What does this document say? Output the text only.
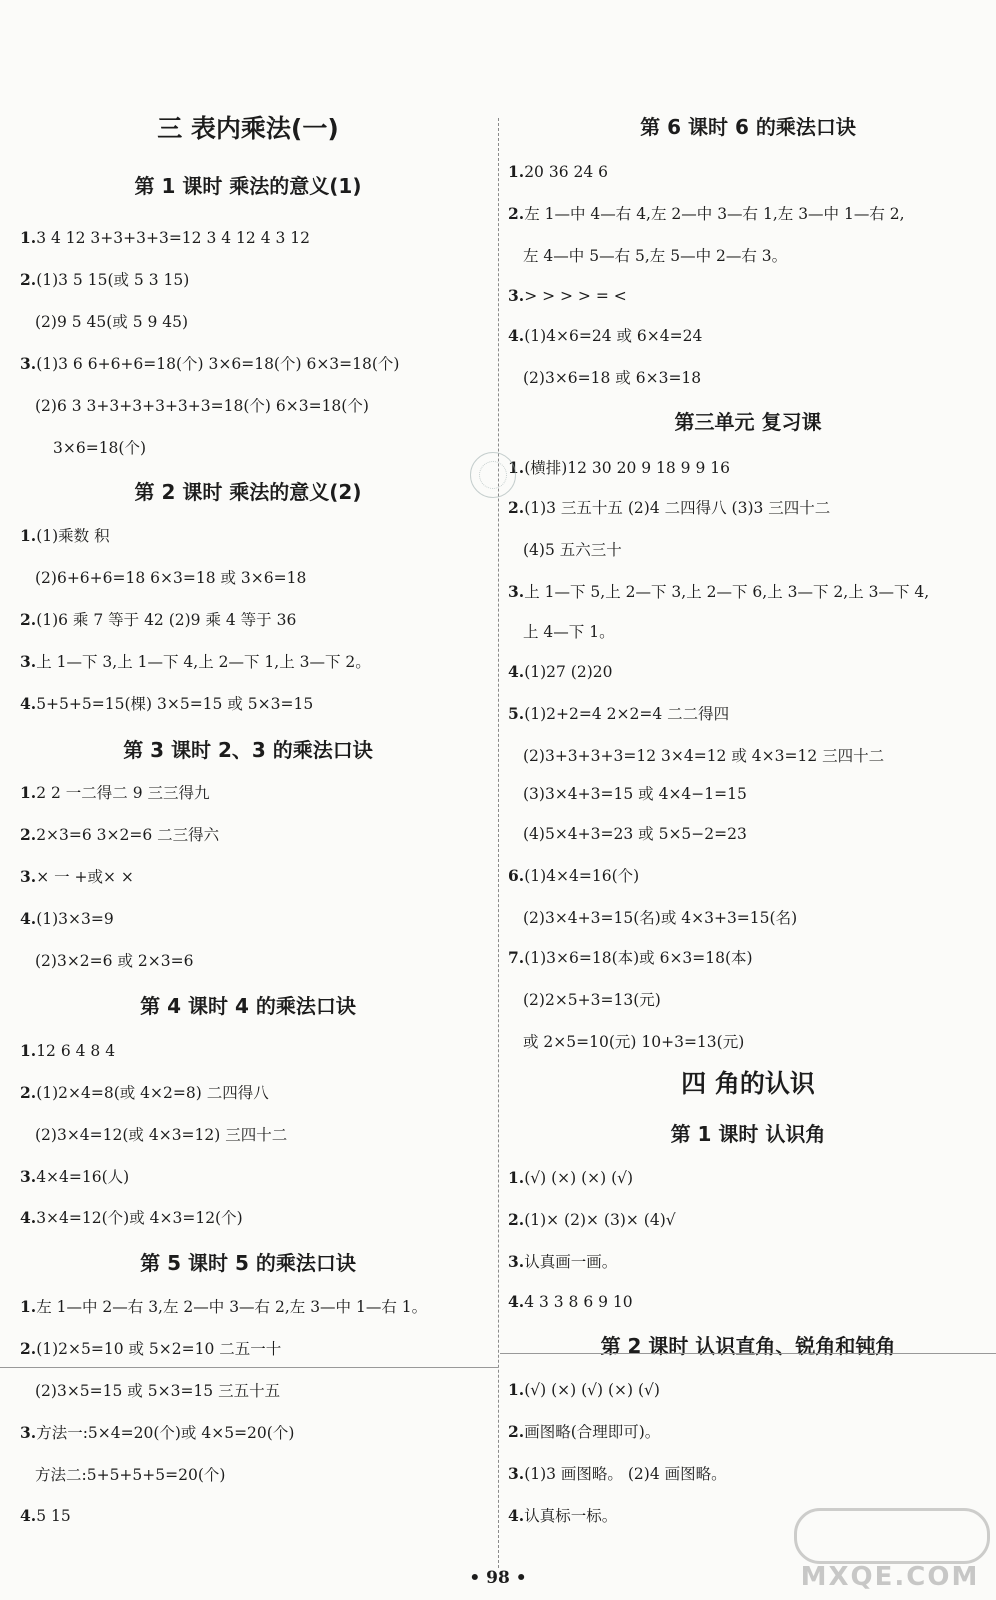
三 表内乘法(一)
第 1 课时 乘法的意义(1)
1.3 4 12 3+3+3+3=12 3 4 12 4 3 12
2.(1)3 5 15(或 5 3 15)
(2)9 5 45(或 5 9 45)
3.(1)3 6 6+6+6=18(个) 3×6=18(个) 6×3=18(个)
(2)6 3 3+3+3+3+3+3=18(个) 6×3=18(个)
3×6=18(个)
第 2 课时 乘法的意义(2)
1.(1)乘数 积
(2)6+6+6=18 6×3=18 或 3×6=18
2.(1)6 乘 7 等于 42 (2)9 乘 4 等于 36
3.上 1—下 3,上 1—下 4,上 2—下 1,上 3—下 2。
4.5+5+5=15(棵) 3×5=15 或 5×3=15
第 3 课时 2、3 的乘法口诀
1.2 2 一二得二 9 三三得九
2.2×3=6 3×2=6 二三得六
3.× 一 +或× ×
4.(1)3×3=9
(2)3×2=6 或 2×3=6
第 4 课时 4 的乘法口诀
1.12 6 4 8 4
2.(1)2×4=8(或 4×2=8) 二四得八
(2)3×4=12(或 4×3=12) 三四十二
3.4×4=16(人)
4.3×4=12(个)或 4×3=12(个)
第 5 课时 5 的乘法口诀
1.左 1—中 2—右 3,左 2—中 3—右 2,左 3—中 1—右 1。
2.(1)2×5=10 或 5×2=10 二五一十
(2)3×5=15 或 5×3=15 三五十五
3.方法一:5×4=20(个)或 4×5=20(个)
方法二:5+5+5+5=20(个)
4.5 15
第 6 课时 6 的乘法口诀
1.20 36 24 6
2.左 1—中 4—右 4,左 2—中 3—右 1,左 3—中 1—右 2,
左 4—中 5—右 5,左 5—中 2—右 3。
3.> > > > = <
4.(1)4×6=24 或 6×4=24
(2)3×6=18 或 6×3=18
第三单元 复习课
1.(横排)12 30 20 9 18 9 9 16
2.(1)3 三五十五 (2)4 二四得八 (3)3 三四十二
(4)5 五六三十
3.上 1—下 5,上 2—下 3,上 2—下 6,上 3—下 2,上 3—下 4,
上 4—下 1。
4.(1)27 (2)20
5.(1)2+2=4 2×2=4 二二得四
(2)3+3+3+3=12 3×4=12 或 4×3=12 三四十二
(3)3×4+3=15 或 4×4−1=15
(4)5×4+3=23 或 5×5−2=23
6.(1)4×4=16(个)
(2)3×4+3=15(名)或 4×3+3=15(名)
7.(1)3×6=18(本)或 6×3=18(本)
(2)2×5+3=13(元)
或 2×5=10(元) 10+3=13(元)
四 角的认识
第 1 课时 认识角
1.(√) (×) (×) (√)
2.(1)× (2)× (3)× (4)√
3.认真画一画。
4.4 3 3 8 6 9 10
第 2 课时 认识直角、锐角和钝角
1.(√) (×) (√) (×) (√)
2.画图略(合理即可)。
3.(1)3 画图略。 (2)4 画图略。
4.认真标一标。
• 98 •	MXQE.COM
